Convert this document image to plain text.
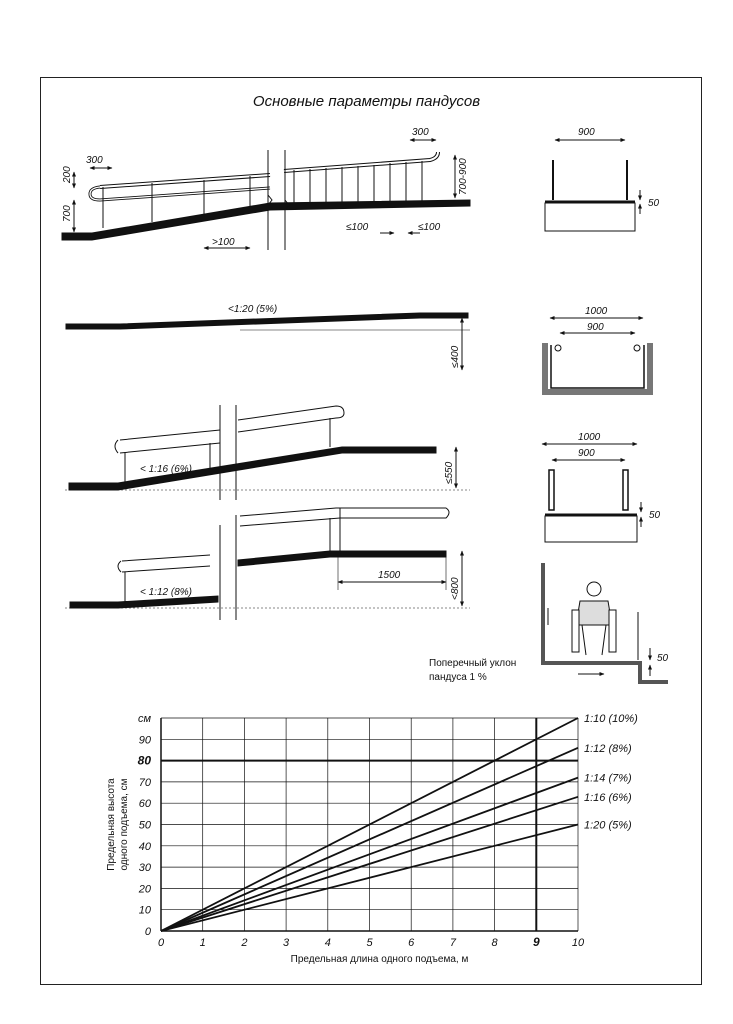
Основные параметры пандусов
300
200
700
300
700-900
>100
≤100	≤100
900
50
<1:20 (5%)
≤400
1000
900
< 1:16 (6%)	≤550
1000
900
50
< 1:12 (8%)
1500
<800
50
Поперечный уклон
пандуса 1 %
0	1	2	3	4	5	6	7	8	9	10
0
10
20
30
40
50
60
70
80
90
см	1:10 (10%)
1:12 (8%)
1:14 (7%)
1:16 (6%)
1:20 (5%)
Предельная длина одного подъема, м
Предельная высота одного подъема, см
